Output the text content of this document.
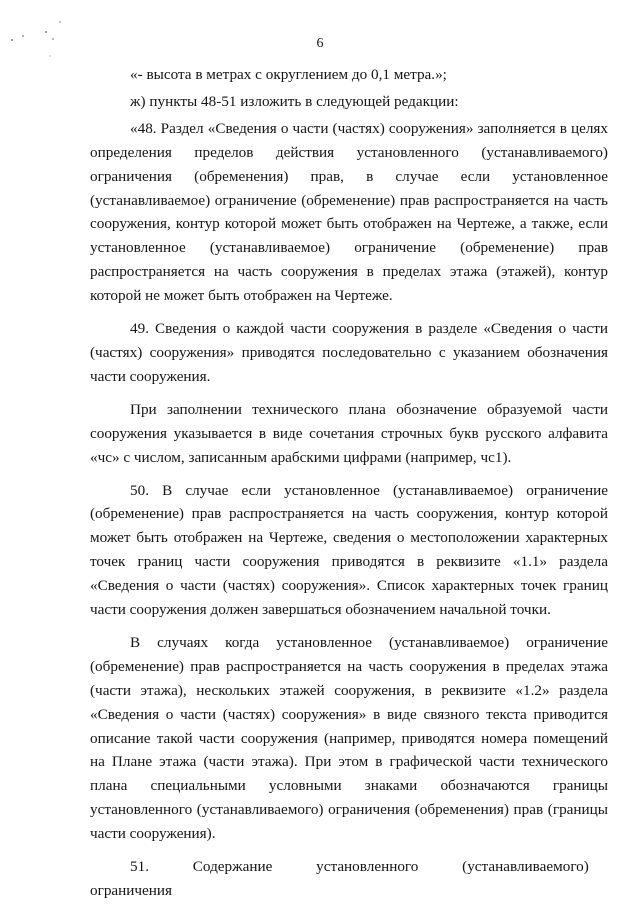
6

«- высота в метрах с округлением до 0,1 метра.»;

ж) пункты 48-51 изложить в следующей редакции:

«48. Раздел «Сведения о части (частях) сооружения» заполняется в целях определения пределов действия установленного (устанавливаемого) ограничения (обременения) прав, в случае если установленное (устанавливаемое) ограничение (обременение) прав распространяется на часть сооружения, контур которой может быть отображен на Чертеже, а также, если установленное (устанавливаемое) ограничение (обременение) прав распространяется на часть сооружения в пределах этажа (этажей), контур которой не может быть отображен на Чертеже.

49. Сведения о каждой части сооружения в разделе «Сведения о части (частях) сооружения» приводятся последовательно с указанием обозначения части сооружения.

При заполнении технического плана обозначение образуемой части сооружения указывается в виде сочетания строчных букв русского алфавита «чс» с числом, записанным арабскими цифрами (например, чс1).

50. В случае если установленное (устанавливаемое) ограничение (обременение) прав распространяется на часть сооружения, контур которой может быть отображен на Чертеже, сведения о местоположении характерных точек границ части сооружения приводятся в реквизите «1.1» раздела «Сведения о части (частях) сооружения». Список характерных точек границ части сооружения должен завершаться обозначением начальной точки.

В случаях когда установленное (устанавливаемое) ограничение (обременение) прав распространяется на часть сооружения в пределах этажа (части этажа), нескольких этажей сооружения, в реквизите «1.2» раздела «Сведения о части (частях) сооружения» в виде связного текста приводится описание такой части сооружения (например, приводятся номера помещений на Плане этажа (части этажа). При этом в графической части технического плана специальными условными знаками обозначаются границы установленного (устанавливаемого) ограничения (обременения) прав (границы части сооружения).

51. Содержание установленного (устанавливаемого) ограничения
